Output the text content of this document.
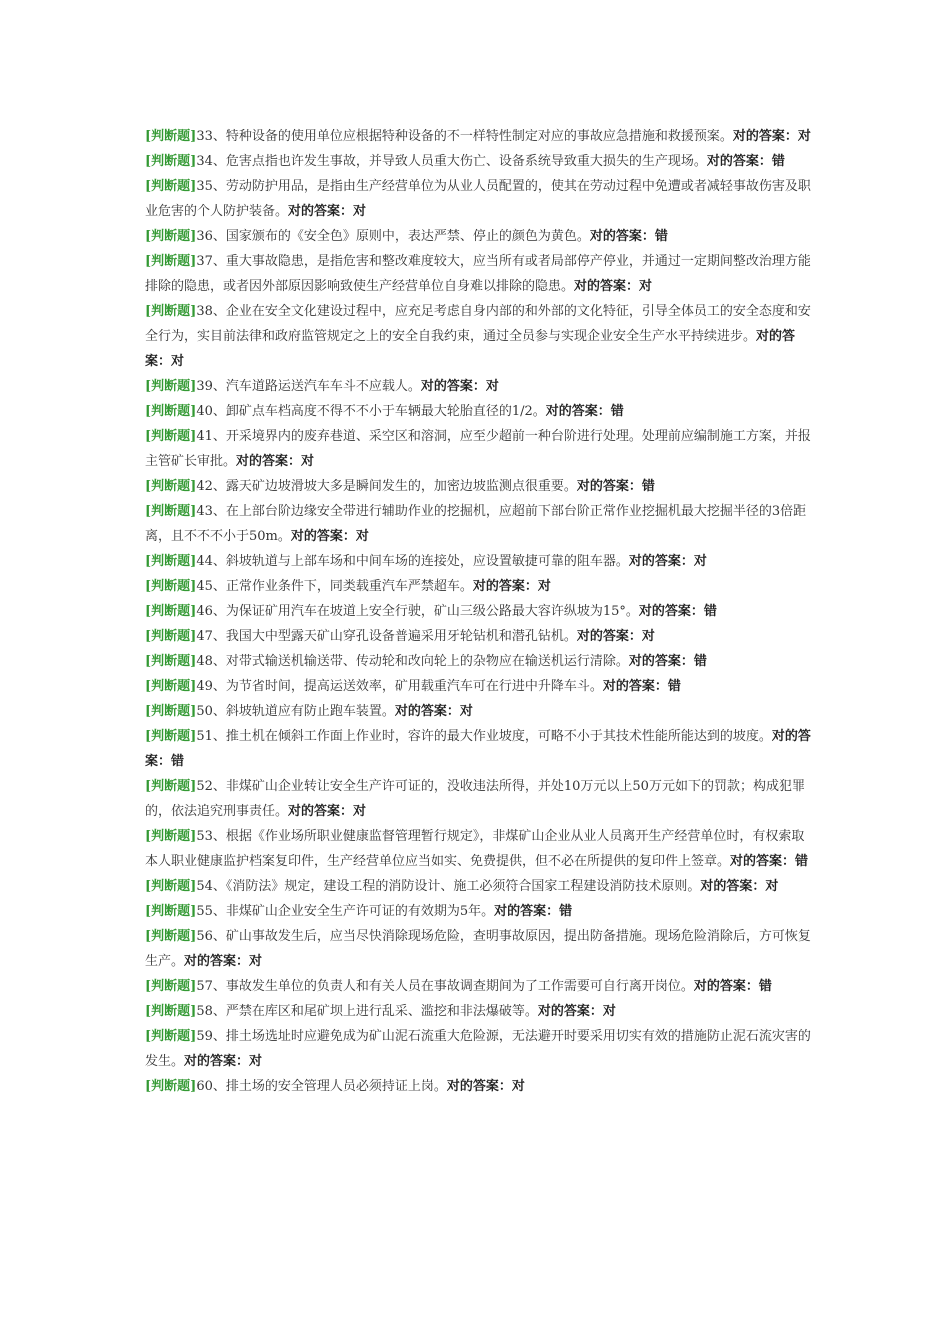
[判断题]33、特种设备的使用单位应根据特种设备的不一样特性制定对应的事故应急措施和救援预案。对的答案：对
[判断题]34、危害点指也许发生事故，并导致人员重大伤亡、设备系统导致重大损失的生产现场。对的答案：错
[判断题]35、劳动防护用品，是指由生产经营单位为从业人员配置的，使其在劳动过程中免遭或者减轻事故伤害及职业危害的个人防护装备。对的答案：对
[判断题]36、国家颁布的《安全色》原则中，表达严禁、停止的颜色为黄色。对的答案：错
[判断题]37、重大事故隐患，是指危害和整改难度较大，应当所有或者局部停产停业，并通过一定期间整改治理方能排除的隐患，或者因外部原因影响致使生产经营单位自身难以排除的隐患。对的答案：对
[判断题]38、企业在安全文化建设过程中，应充足考虑自身内部的和外部的文化特征，引导全体员工的安全态度和安全行为，实目前法律和政府监管规定之上的安全自我约束，通过全员参与实现企业安全生产水平持续进步。对的答案：对
[判断题]39、汽车道路运送汽车车斗不应载人。对的答案：对
[判断题]40、卸矿点车档高度不得不不小于车辆最大轮胎直径的1/2。对的答案：错
[判断题]41、开采境界内的废弃巷道、采空区和溶洞，应至少超前一种台阶进行处理。处理前应编制施工方案，并报主管矿长审批。对的答案：对
[判断题]42、露天矿边坡滑坡大多是瞬间发生的，加密边坡监测点很重要。对的答案：错
[判断题]43、在上部台阶边缘安全带进行辅助作业的挖掘机，应超前下部台阶正常作业挖掘机最大挖掘半径的3倍距离，且不不不小于50m。对的答案：对
[判断题]44、斜坡轨道与上部车场和中间车场的连接处，应设置敏捷可靠的阻车器。对的答案：对
[判断题]45、正常作业条件下，同类载重汽车严禁超车。对的答案：对
[判断题]46、为保证矿用汽车在坡道上安全行驶，矿山三级公路最大容许纵坡为15°。对的答案：错
[判断题]47、我国大中型露天矿山穿孔设备普遍采用牙轮钻机和潜孔钻机。对的答案：对
[判断题]48、对带式输送机输送带、传动轮和改向轮上的杂物应在输送机运行清除。对的答案：错
[判断题]49、为节省时间，提高运送效率，矿用载重汽车可在行进中升降车斗。对的答案：错
[判断题]50、斜坡轨道应有防止跑车装置。对的答案：对
[判断题]51、推土机在倾斜工作面上作业时，容许的最大作业坡度，可略不小于其技术性能所能达到的坡度。对的答案：错
[判断题]52、非煤矿山企业转让安全生产许可证的，没收违法所得，并处10万元以上50万元如下的罚款；构成犯罪的，依法追究刑事责任。对的答案：对
[判断题]53、根据《作业场所职业健康监督管理暂行规定》，非煤矿山企业从业人员离开生产经营单位时，有权索取本人职业健康监护档案复印件，生产经营单位应当如实、免费提供，但不必在所提供的复印件上签章。对的答案：错
[判断题]54、《消防法》规定，建设工程的消防设计、施工必须符合国家工程建设消防技术原则。对的答案：对
[判断题]55、非煤矿山企业安全生产许可证的有效期为5年。对的答案：错
[判断题]56、矿山事故发生后，应当尽快消除现场危险，查明事故原因，提出防备措施。现场危险消除后，方可恢复生产。对的答案：对
[判断题]57、事故发生单位的负责人和有关人员在事故调查期间为了工作需要可自行离开岗位。对的答案：错
[判断题]58、严禁在库区和尾矿坝上进行乱采、滥挖和非法爆破等。对的答案：对
[判断题]59、排土场选址时应避免成为矿山泥石流重大危险源，无法避开时要采用切实有效的措施防止泥石流灾害的发生。对的答案：对
[判断题]60、排土场的安全管理人员必须持证上岗。对的答案：对
